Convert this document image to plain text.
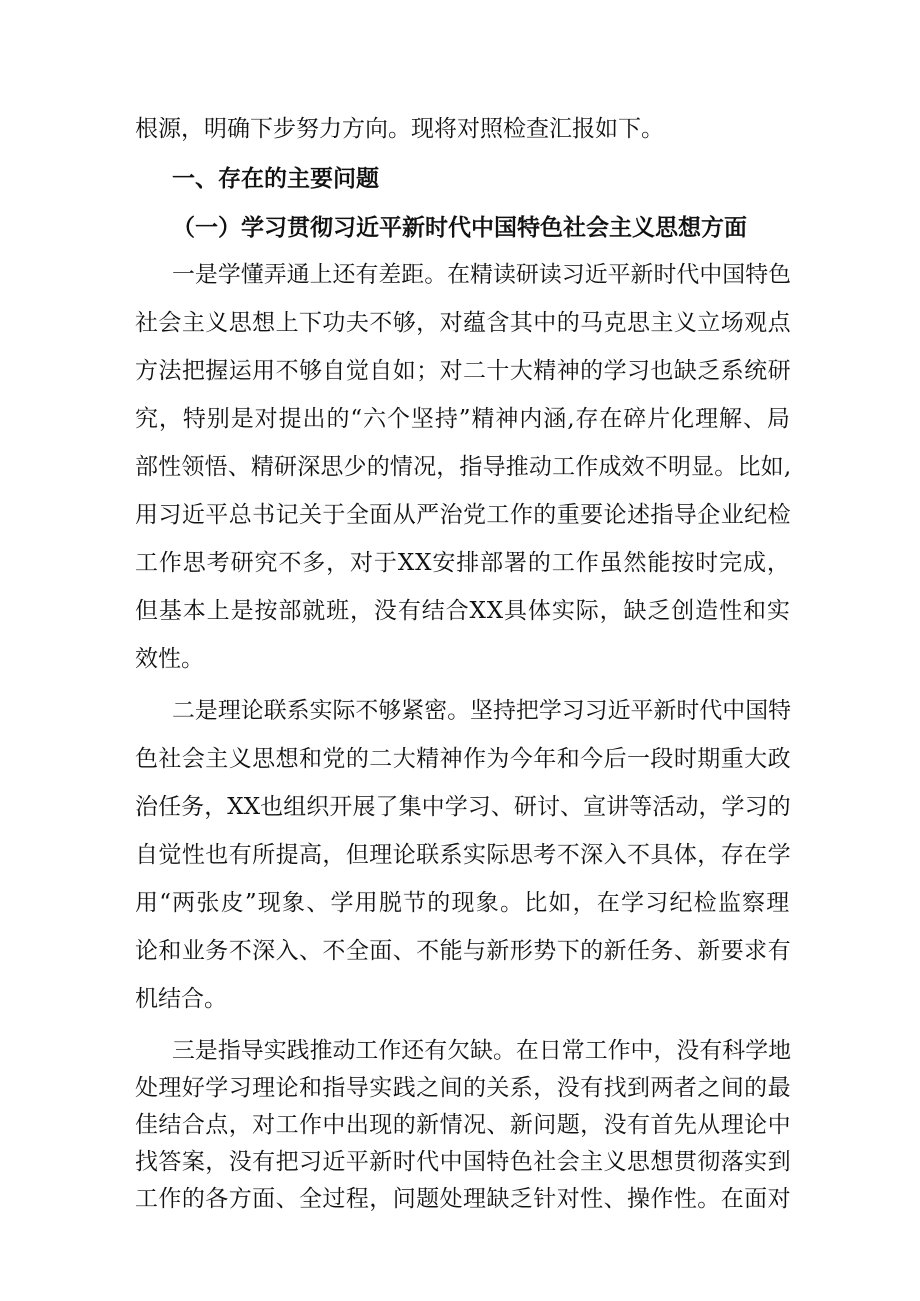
根源，明确下步努力方向。现将对照检查汇报如下。
一、存在的主要问题
（一）学习贯彻习近平新时代中国特色社会主义思想方面
一是学懂弄通上还有差距。在精读研读习近平新时代中国特色
社会主义思想上下功夫不够，对蕴含其中的马克思主义立场观点
方法把握运用不够自觉自如；对二十大精神的学习也缺乏系统研
究，特别是对提出的“六个坚持”精神内涵,存在碎片化理解、局
部性领悟、精研深思少的情况，指导推动工作成效不明显。比如,
用习近平总书记关于全面从严治党工作的重要论述指导企业纪检
工作思考研究不多，对于XX安排部署的工作虽然能按时完成，
但基本上是按部就班，没有结合XX具体实际，缺乏创造性和实
效性。
二是理论联系实际不够紧密。坚持把学习习近平新时代中国特
色社会主义思想和党的二大精神作为今年和今后一段时期重大政
治任务，XX也组织开展了集中学习、研讨、宣讲等活动，学习的
自觉性也有所提高，但理论联系实际思考不深入不具体，存在学
用“两张皮”现象、学用脱节的现象。比如，在学习纪检监察理
论和业务不深入、不全面、不能与新形势下的新任务、新要求有
机结合。
三是指导实践推动工作还有欠缺。在日常工作中，没有科学地
处理好学习理论和指导实践之间的关系，没有找到两者之间的最
佳结合点，对工作中出现的新情况、新问题，没有首先从理论中
找答案，没有把习近平新时代中国特色社会主义思想贯彻落实到
工作的各方面、全过程，问题处理缺乏针对性、操作性。在面对
